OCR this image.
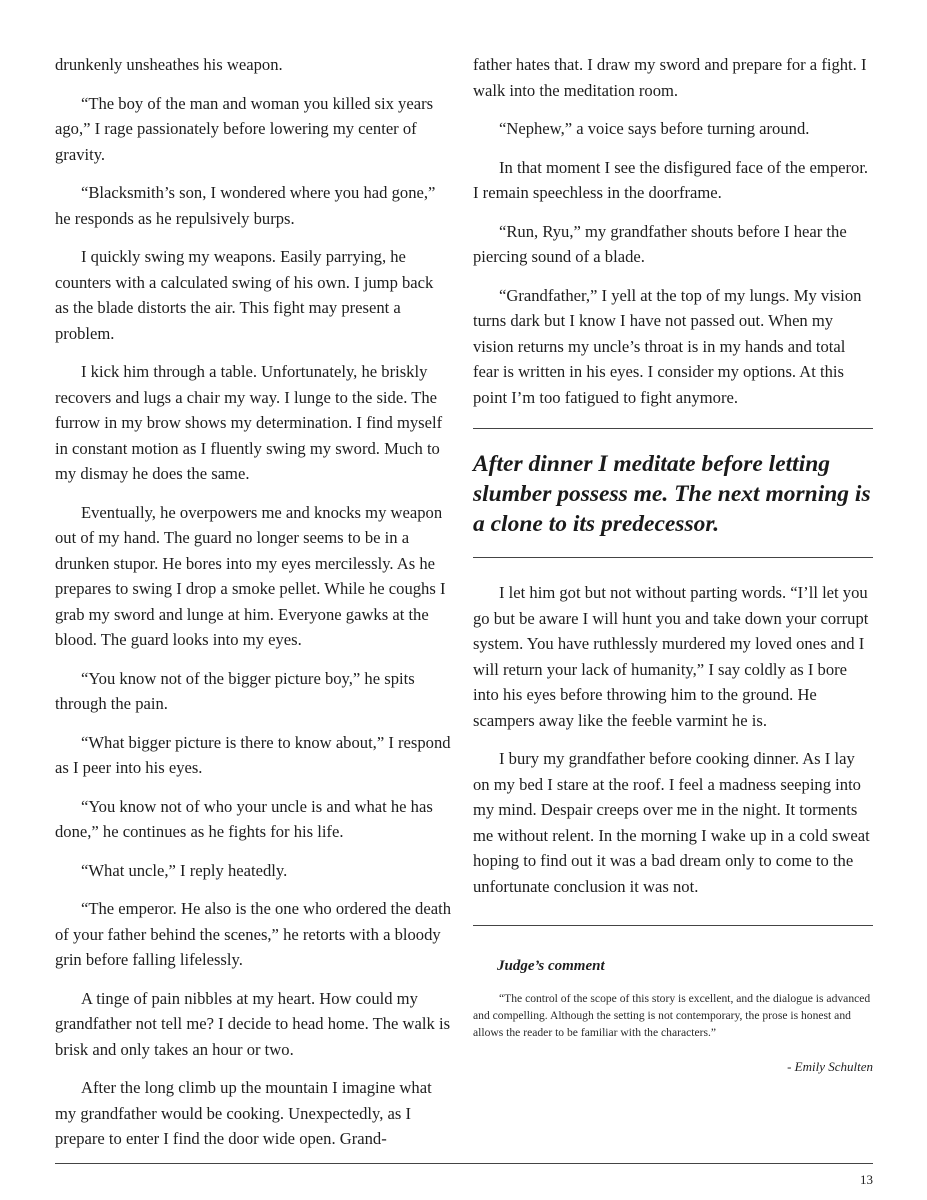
drunkenly unsheathes his weapon.

“The boy of the man and woman you killed six years ago,” I rage passionately before lowering my center of gravity.

“Blacksmith’s son, I wondered where you had gone,” he responds as he repulsively burps.

I quickly swing my weapons. Easily parrying, he counters with a calculated swing of his own. I jump back as the blade distorts the air. This fight may present a problem.

I kick him through a table. Unfortunately, he briskly recovers and lugs a chair my way. I lunge to the side. The furrow in my brow shows my determination. I find myself in constant motion as I fluently swing my sword. Much to my dismay he does the same.

Eventually, he overpowers me and knocks my weapon out of my hand. The guard no longer seems to be in a drunken stupor. He bores into my eyes mercilessly. As he prepares to swing I drop a smoke pellet. While he coughs I grab my sword and lunge at him. Everyone gawks at the blood. The guard looks into my eyes.

“You know not of the bigger picture boy,” he spits through the pain.

“What bigger picture is there to know about,” I respond as I peer into his eyes.

“You know not of who your uncle is and what he has done,” he continues as he fights for his life.

“What uncle,” I reply heatedly.

“The emperor. He also is the one who ordered the death of your father behind the scenes,” he retorts with a bloody grin before falling lifelessly.

A tinge of pain nibbles at my heart. How could my grandfather not tell me? I decide to head home. The walk is brisk and only takes an hour or two.

After the long climb up the mountain I imagine what my grandfather would be cooking. Unexpectedly, as I prepare to enter I find the door wide open. Grand-

father hates that. I draw my sword and prepare for a fight. I walk into the meditation room.

“Nephew,” a voice says before turning around.

In that moment I see the disfigured face of the emperor. I remain speechless in the doorframe.

“Run, Ryu,” my grandfather shouts before I hear the piercing sound of a blade.

“Grandfather,” I yell at the top of my lungs. My vision turns dark but I know I have not passed out. When my vision returns my uncle’s throat is in my hands and total fear is written in his eyes. I consider my options. At this point I’m too fatigued to fight anymore.

After dinner I meditate before letting slumber possess me. The next morning is a clone to its predecessor.

I let him got but not without parting words. “I’ll let you go but be aware I will hunt you and take down your corrupt system. You have ruthlessly murdered my loved ones and I will return your lack of humanity,” I say coldly as I bore into his eyes before throwing him to the ground. He scampers away like the feeble varmint he is.

I bury my grandfather before cooking dinner. As I lay on my bed I stare at the roof. I feel a madness seeping into my mind. Despair creeps over me in the night. It torments me without relent. In the morning I wake up in a cold sweat hoping to find out it was a bad dream only to come to the unfortunate conclusion it was not.

Judge’s comment

“The control of the scope of this story is excellent, and the dialogue is advanced and compelling. Although the setting is not contemporary, the prose is honest and allows the reader to be familiar with the characters.”

- Emily Schulten
13
